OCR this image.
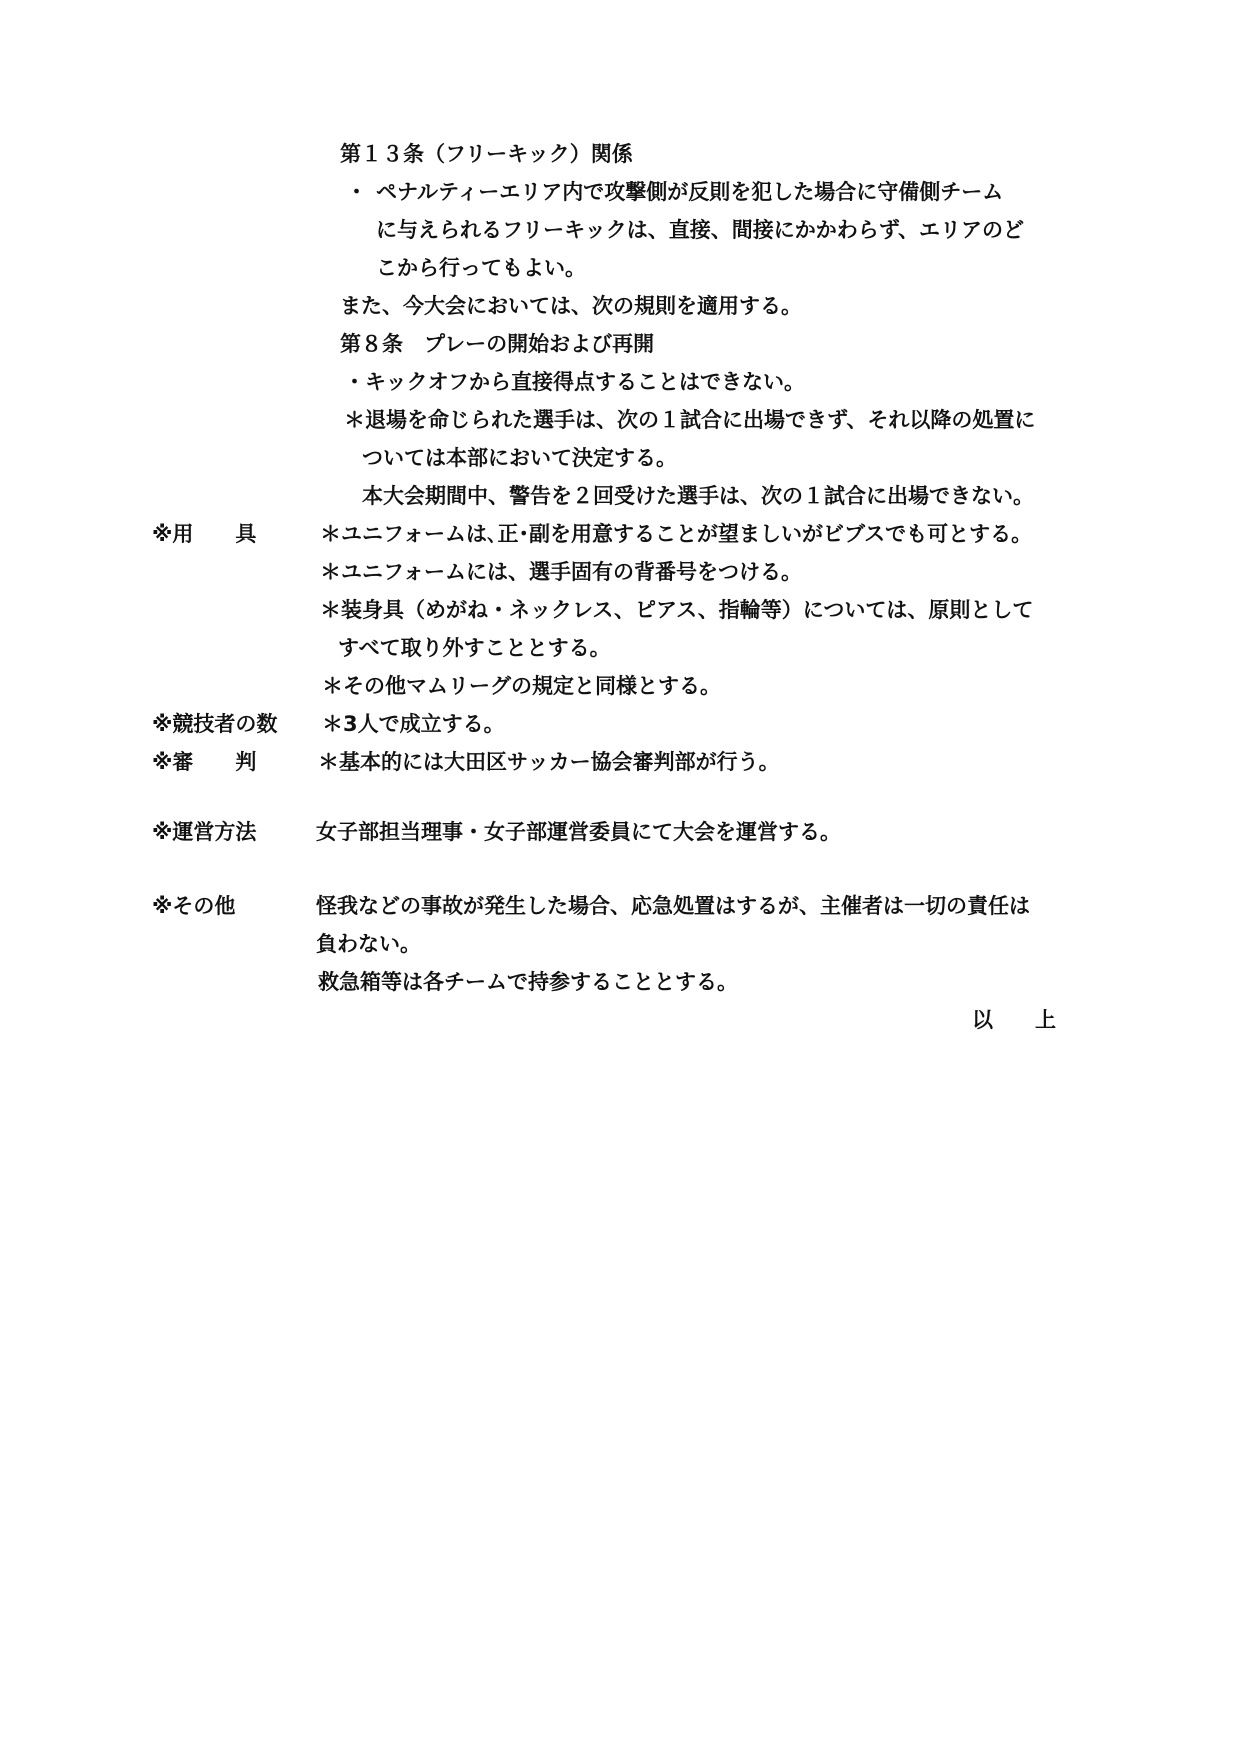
第１３条（フリーキック）関係
・ ペナルティーエリア内で攻撃側が反則を犯した場合に守備側チーム
に与えられるフリーキックは、直接、間接にかかわらず、エリアのど
こから行ってもよい。
また、今大会においては、次の規則を適用する。
第８条　プレーの開始および再開
・キックオフから直接得点することはできない。
＊退場を命じられた選手は、次の１試合に出場できず、それ以降の処置に
ついては本部において決定する。
本大会期間中、警告を２回受けた選手は、次の１試合に出場できない。
※用　　具	＊ユニフォームは､正･副を用意することが望ましいがビブスでも可とする。
＊ユニフォームには、選手固有の背番号をつける。
＊装身具（めがね・ネックレス、ピアス、指輪等）については、原則として
すべて取り外すこととする。
＊その他マムリーグの規定と同様とする。
※競技者の数 ＊3人で成立する。
※審　　判	＊基本的には大田区サッカー協会審判部が行う。
※運営方法	女子部担当理事・女子部運営委員にて大会を運営する。
※その他	怪我などの事故が発生した場合、応急処置はするが、主催者は一切の責任は
負わない。
救急箱等は各チームで持参することとする。
以　　上
